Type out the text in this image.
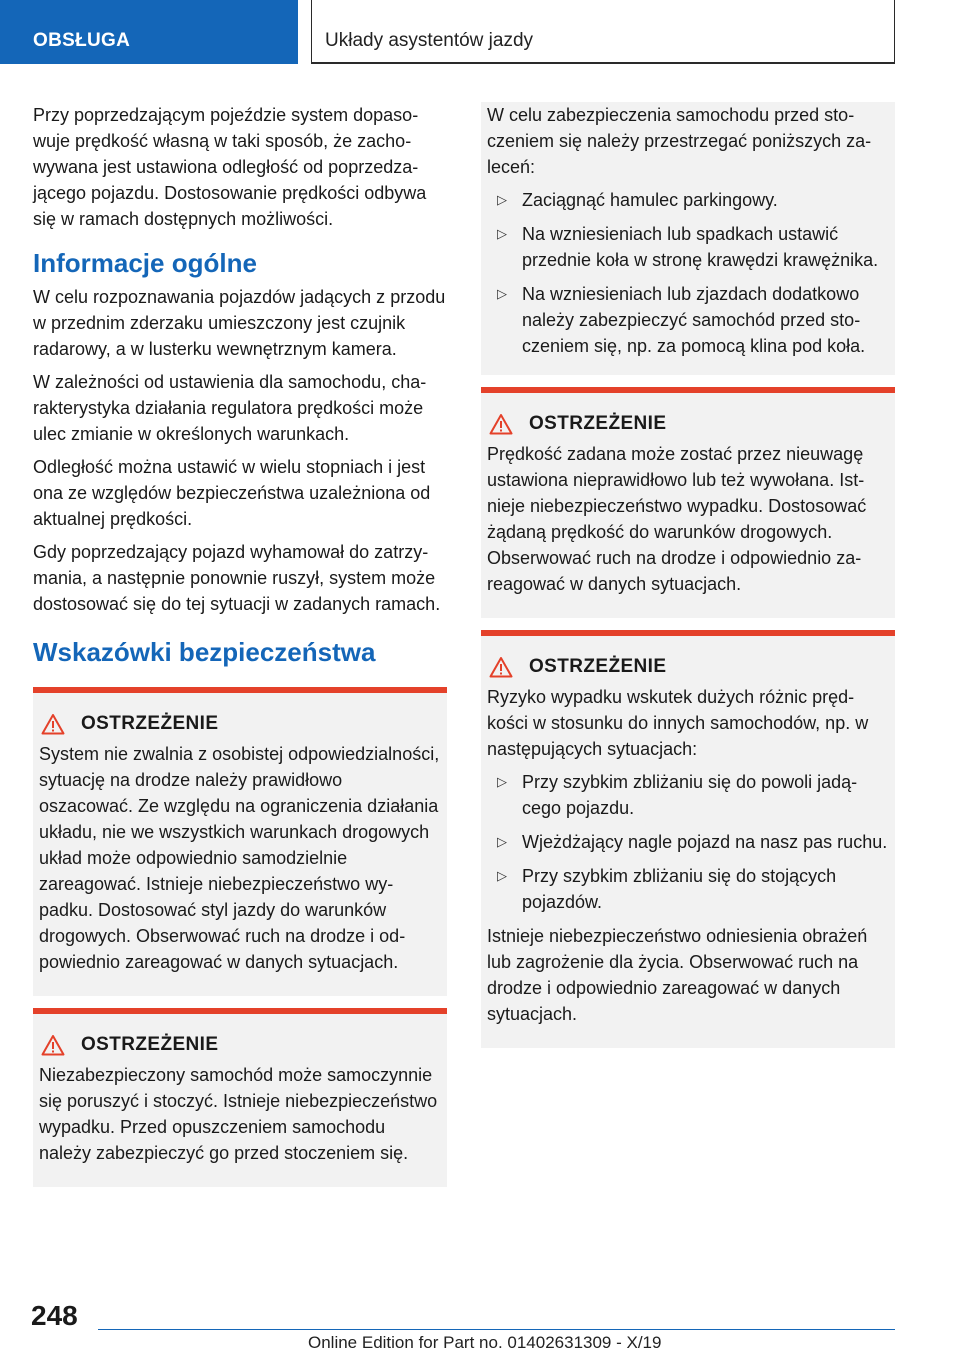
OBSŁUGA	Układy asystentów jazdy

Przy poprzedzającym pojeździe system dopasowuje prędkość własną w taki sposób, że zachowywana jest ustawiona odległość od poprzedzającego pojazdu. Dostosowanie prędkości odbywa się w ramach dostępnych możliwości.

Informacje ogólne

W celu rozpoznawania pojazdów jadących z przodu w przednim zderzaku umieszczony jest czujnik radarowy, a w lusterku wewnętrznym kamera.

W zależności od ustawienia dla samochodu, charakterystyka działania regulatora prędkości może ulec zmianie w określonych warunkach.

Odległość można ustawić w wielu stopniach i jest ona ze względów bezpieczeństwa uzależniona od aktualnej prędkości.

Gdy poprzedzający pojazd wyhamował do zatrzymania, a następnie ponownie ruszył, system może dostosować się do tej sytuacji w zadanych ramach.

Wskazówki bezpieczeństwa
OSTRZEŻENIE

System nie zwalnia z osobistej odpowiedzialności, sytuację na drodze należy prawidłowo oszacować. Ze względu na ograniczenia działania układu, nie we wszystkich warunkach drogowych układ może odpowiednio samodzielnie zareagować. Istnieje niebezpieczeństwo wypadku. Dostosować styl jazdy do warunków drogowych. Obserwować ruch na drodze i odpowiednio zareagować w danych sytuacjach.

OSTRZEŻENIE

Niezabezpieczony samochód może samoczynnie się poruszyć i stoczyć. Istnieje niebezpieczeństwo wypadku. Przed opuszczeniem samochodu należy zabezpieczyć go przed stoczeniem się.

W celu zabezpieczenia samochodu przed stoczeniem się należy przestrzegać poniższych zaleceń:

▷ Zaciągnąć hamulec parkingowy.
▷ Na wzniesieniach lub spadkach ustawić przednie koła w stronę krawędzi krawężnika.
▷ Na wzniesieniach lub zjazdach dodatkowo należy zabezpieczyć samochód przed stoczeniem się, np. za pomocą klina pod koła.
OSTRZEŻENIE

Prędkość zadana może zostać przez nieuwagę ustawiona nieprawidłowo lub też wywołana. Istnieje niebezpieczeństwo wypadku. Dostosować żądaną prędkość do warunków drogowych. Obserwować ruch na drodze i odpowiednio zareagować w danych sytuacjach.

OSTRZEŻENIE

Ryzyko wypadku wskutek dużych różnic prędkości w stosunku do innych samochodów, np. w następujących sytuacjach:

▷ Przy szybkim zbliżaniu się do powoli jadącego pojazdu.
▷ Wjeżdżający nagle pojazd na nasz pas ruchu.
▷ Przy szybkim zbliżaniu się do stojących pojazdów.

Istnieje niebezpieczeństwo odniesienia obrażeń lub zagrożenie dla życia. Obserwować ruch na drodze i odpowiednio zareagować w danych sytuacjach.

248
Online Edition for Part no. 01402631309 - X/19
